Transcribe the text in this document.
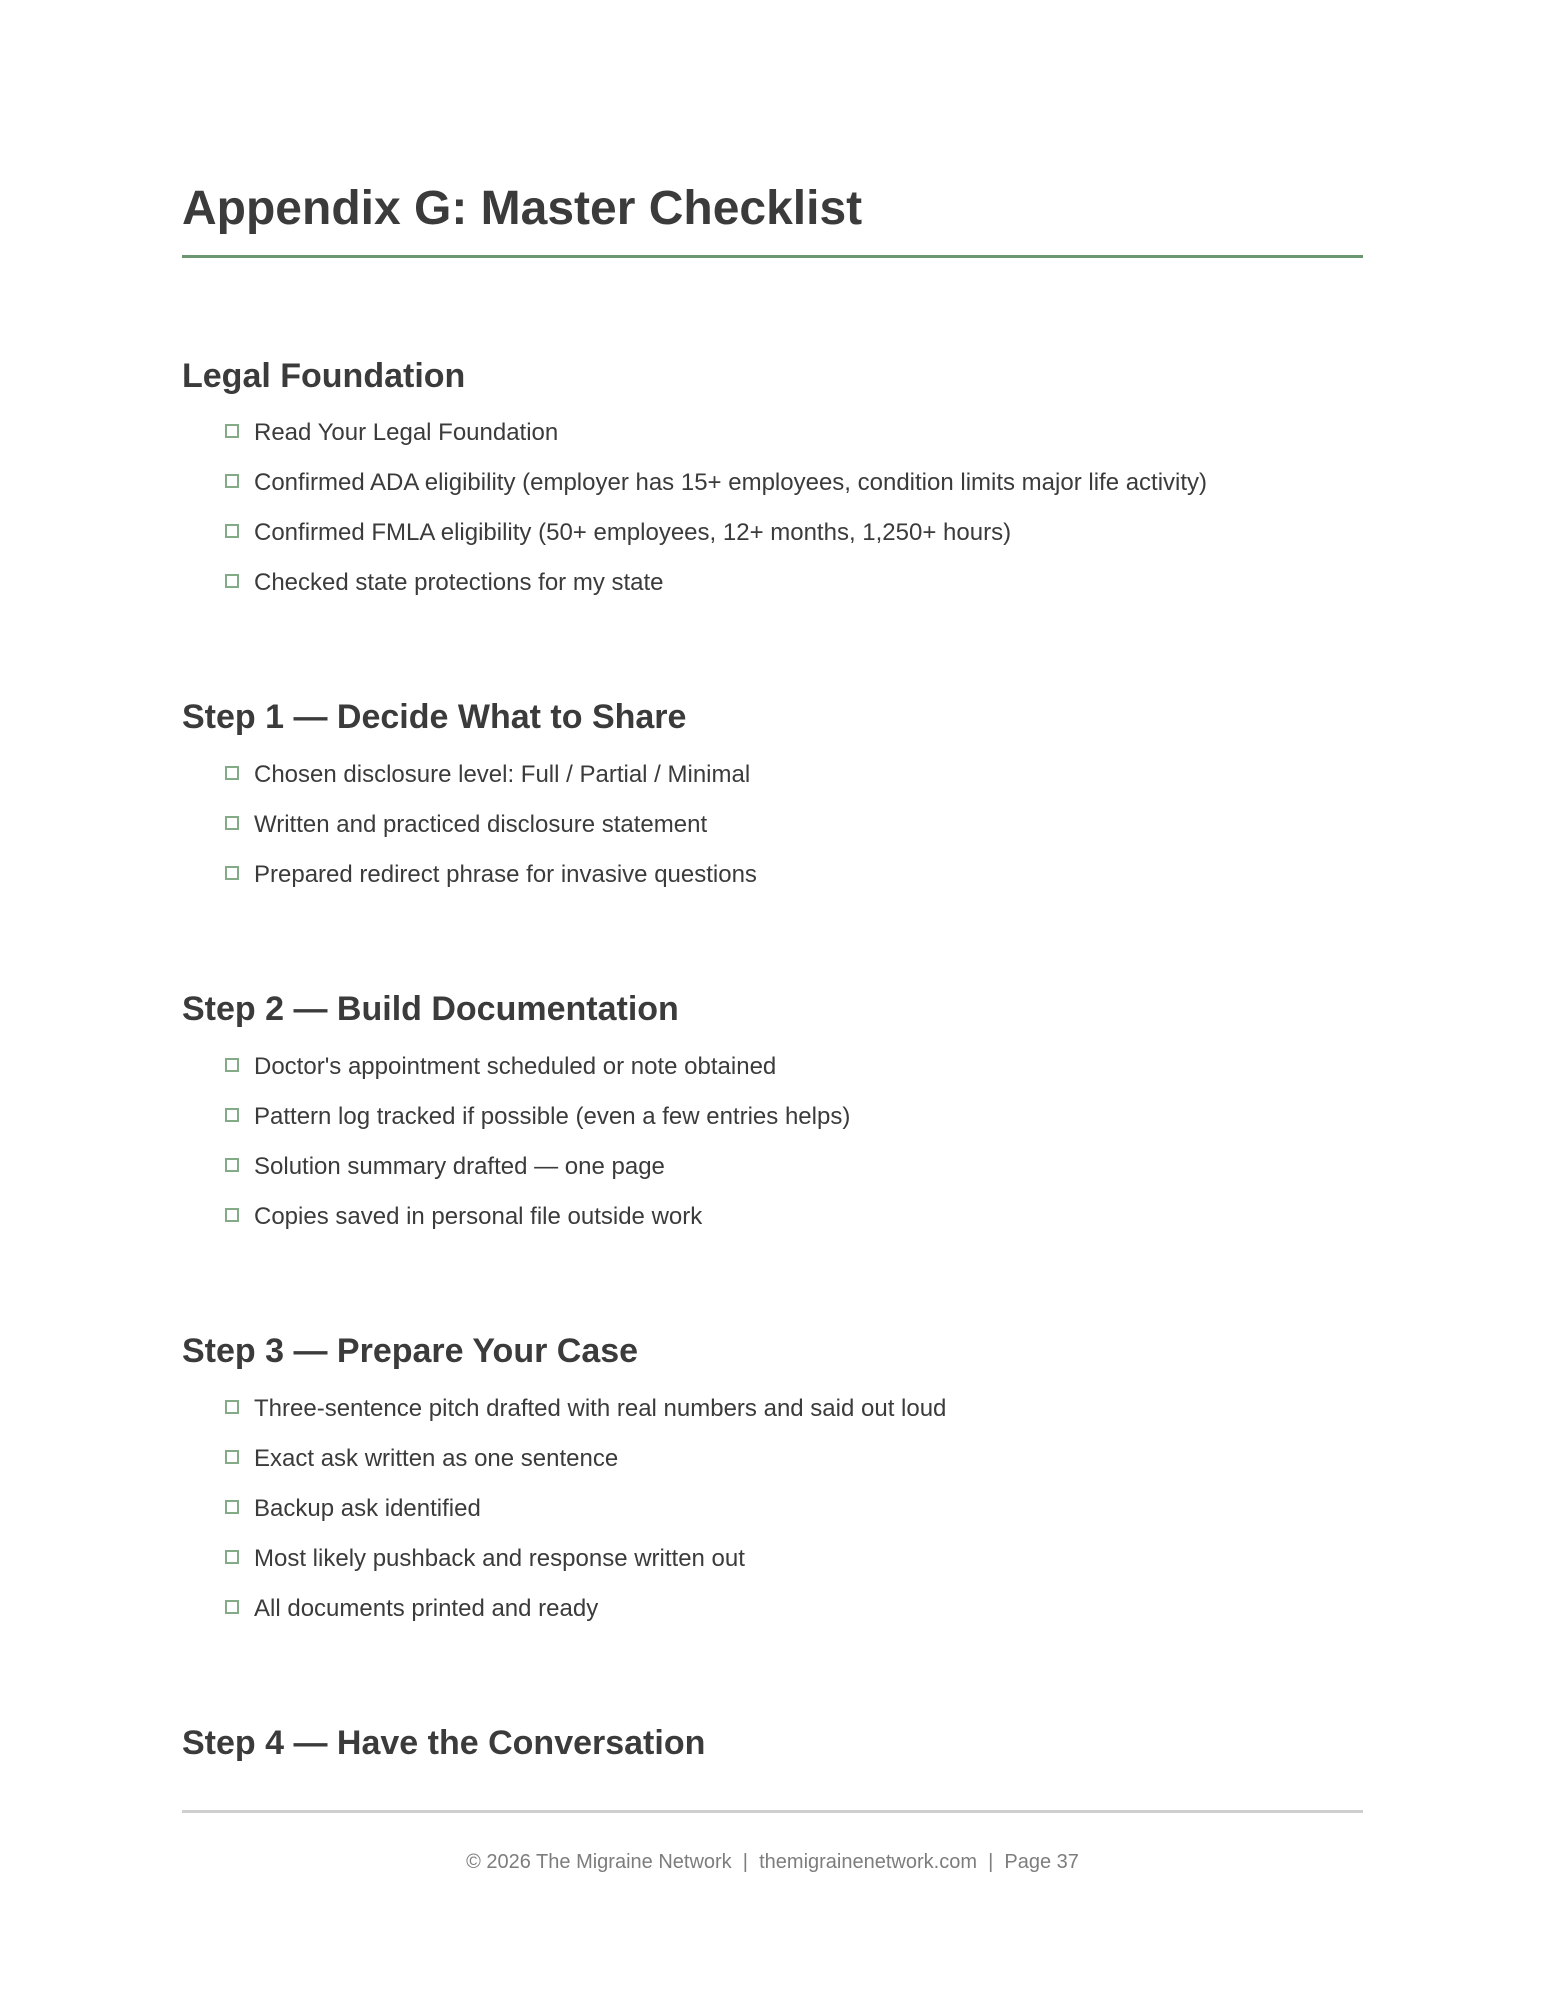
Appendix G: Master Checklist
Legal Foundation
Read Your Legal Foundation
Confirmed ADA eligibility (employer has 15+ employees, condition limits major life activity)
Confirmed FMLA eligibility (50+ employees, 12+ months, 1,250+ hours)
Checked state protections for my state
Step 1 — Decide What to Share
Chosen disclosure level: Full / Partial / Minimal
Written and practiced disclosure statement
Prepared redirect phrase for invasive questions
Step 2 — Build Documentation
Doctor's appointment scheduled or note obtained
Pattern log tracked if possible (even a few entries helps)
Solution summary drafted — one page
Copies saved in personal file outside work
Step 3 — Prepare Your Case
Three-sentence pitch drafted with real numbers and said out loud
Exact ask written as one sentence
Backup ask identified
Most likely pushback and response written out
All documents printed and ready
Step 4 — Have the Conversation
© 2026 The Migraine Network  |  themigrainenetwork.com  |  Page 37
